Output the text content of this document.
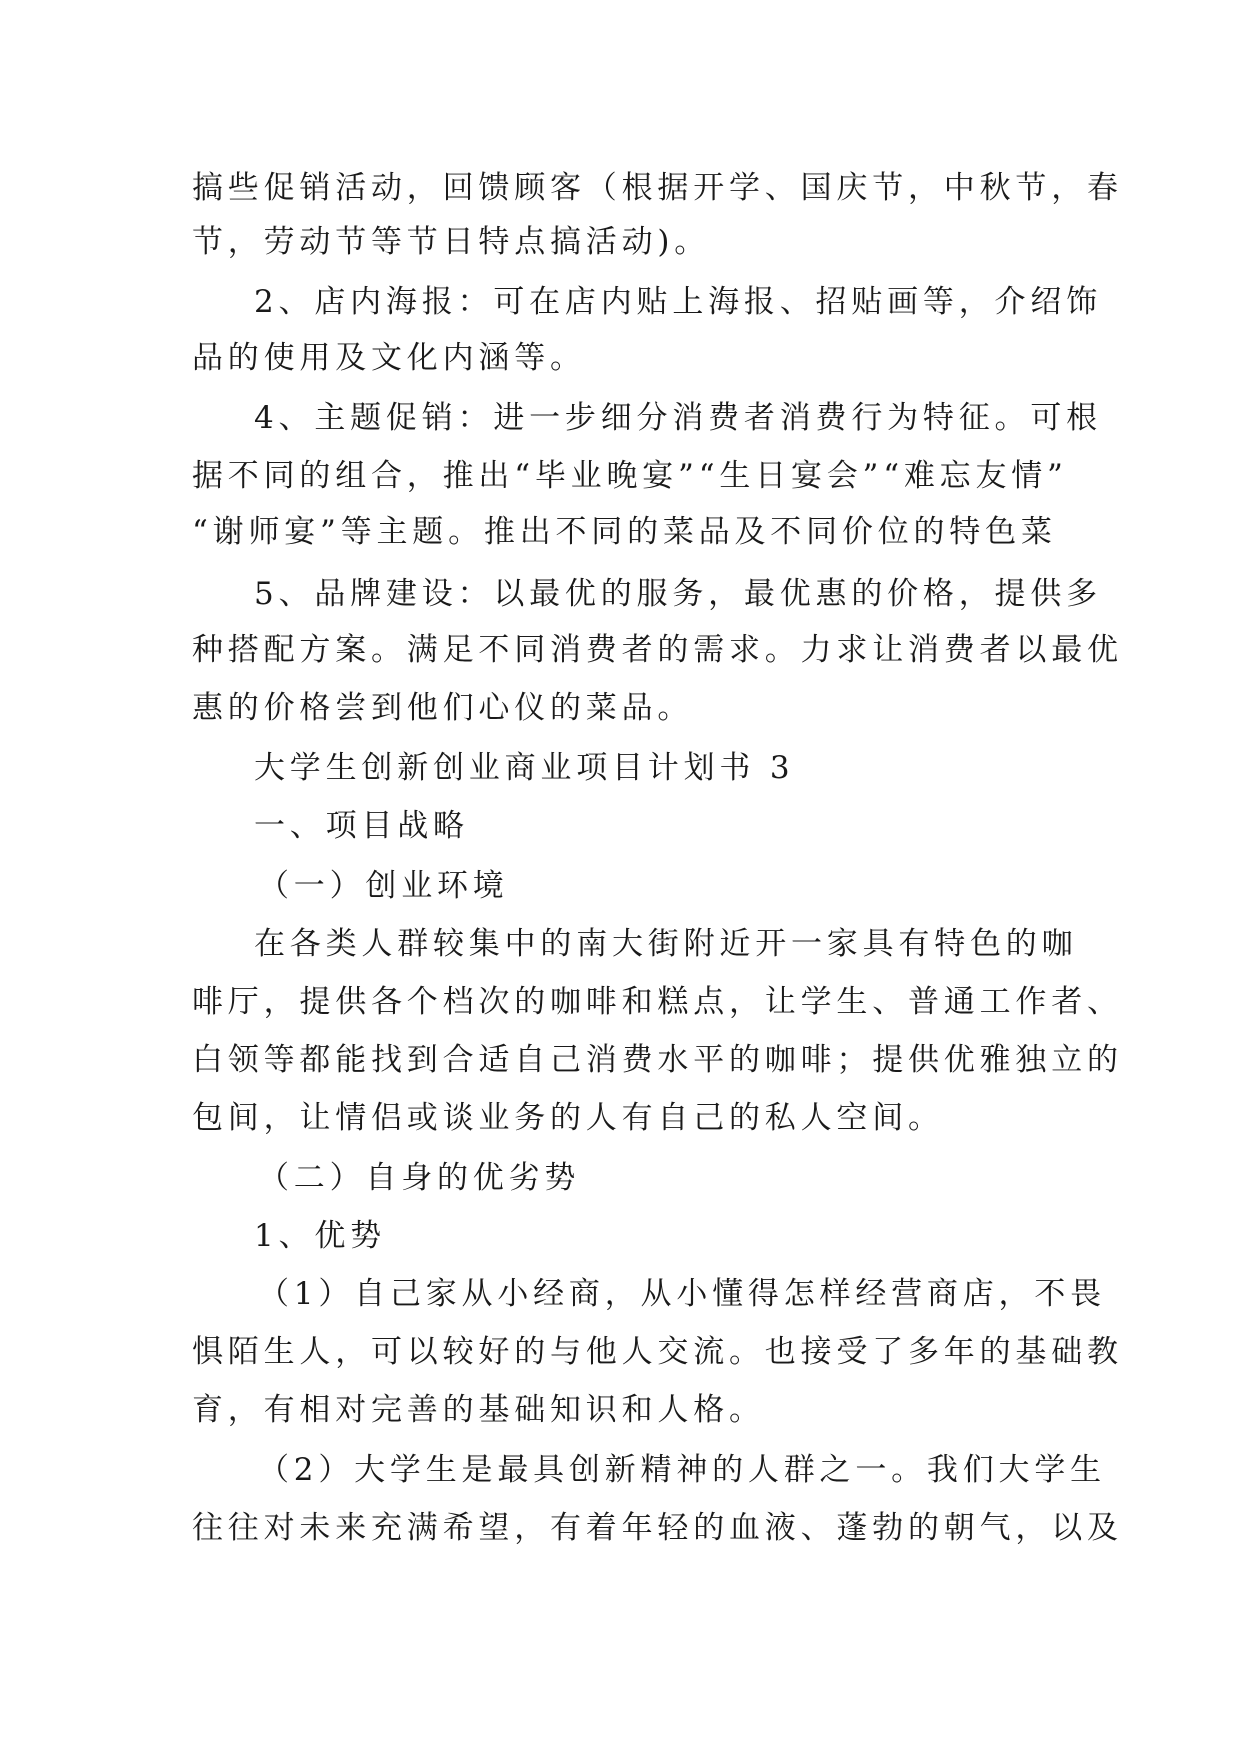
搞些促销活动，回馈顾客（根据开学、国庆节，中秋节，春
节，劳动节等节日特点搞活动)。
2、店内海报：可在店内贴上海报、招贴画等，介绍饰
品的使用及文化内涵等。
4、主题促销：进一步细分消费者消费行为特征。可根
据不同的组合，推出“毕业晚宴”“生日宴会”“难忘友情”
“谢师宴”等主题。推出不同的菜品及不同价位的特色菜
5、品牌建设：以最优的服务，最优惠的价格，提供多
种搭配方案。满足不同消费者的需求。力求让消费者以最优
惠的价格尝到他们心仪的菜品。
大学生创新创业商业项目计划书 3
一、项目战略
（一）创业环境
在各类人群较集中的南大街附近开一家具有特色的咖
啡厅，提供各个档次的咖啡和糕点，让学生、普通工作者、
白领等都能找到合适自己消费水平的咖啡；提供优雅独立的
包间，让情侣或谈业务的人有自己的私人空间。
（二）自身的优劣势
1、优势
（1）自己家从小经商，从小懂得怎样经营商店，不畏
惧陌生人，可以较好的与他人交流。也接受了多年的基础教
育，有相对完善的基础知识和人格。
（2）大学生是最具创新精神的人群之一。我们大学生
往往对未来充满希望，有着年轻的血液、蓬勃的朝气，以及
